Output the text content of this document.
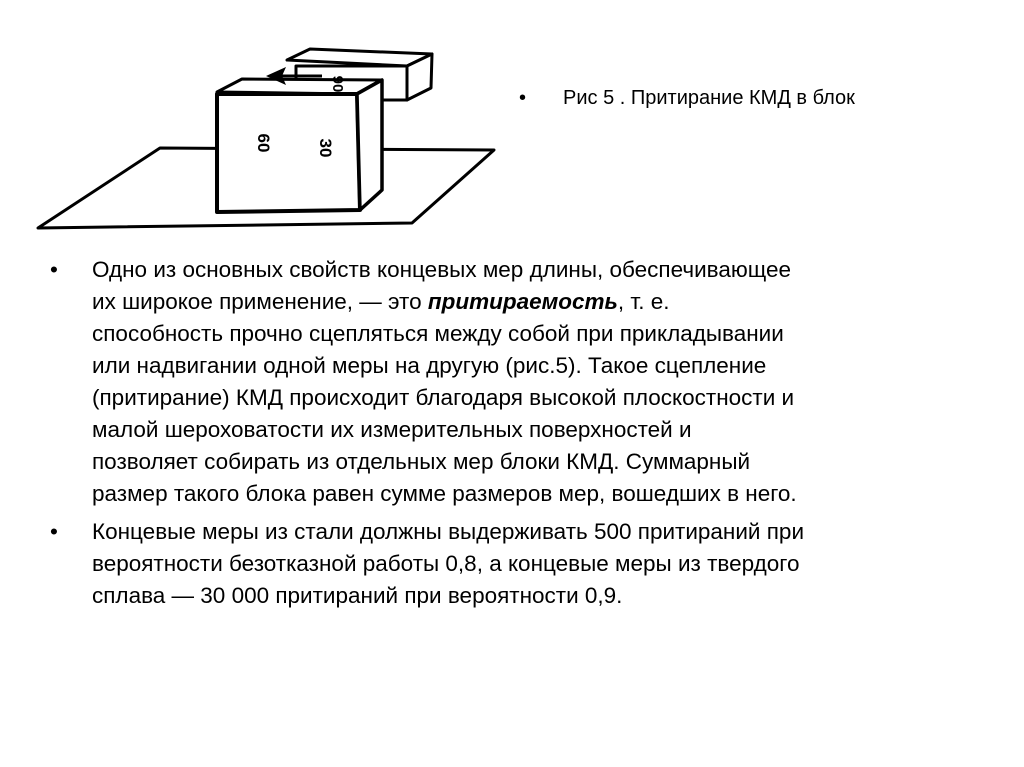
60	30
90
•	Рис 5 . Притирание КМД в блок
•	Одно из основных свойств концевых мер длины, обеспечивающее
их широкое применение, — это притираемость, т. е.
способность прочно сцепляться между собой при прикладывании
или надвигании одной меры на другую (рис.5). Такое сцепление
(притирание) КМД происходит благодаря высокой плоскостности и
малой шероховатости их измерительных поверхностей и
позволяет собирать из отдельных мер блоки КМД. Суммарный
размер такого блока равен сумме размеров мер, вошедших в него.
•	Концевые меры из стали должны выдерживать 500 притираний при
вероятности безотказной работы 0,8, а концевые меры из твердого
сплава — 30 000 притираний при вероятности 0,9.
